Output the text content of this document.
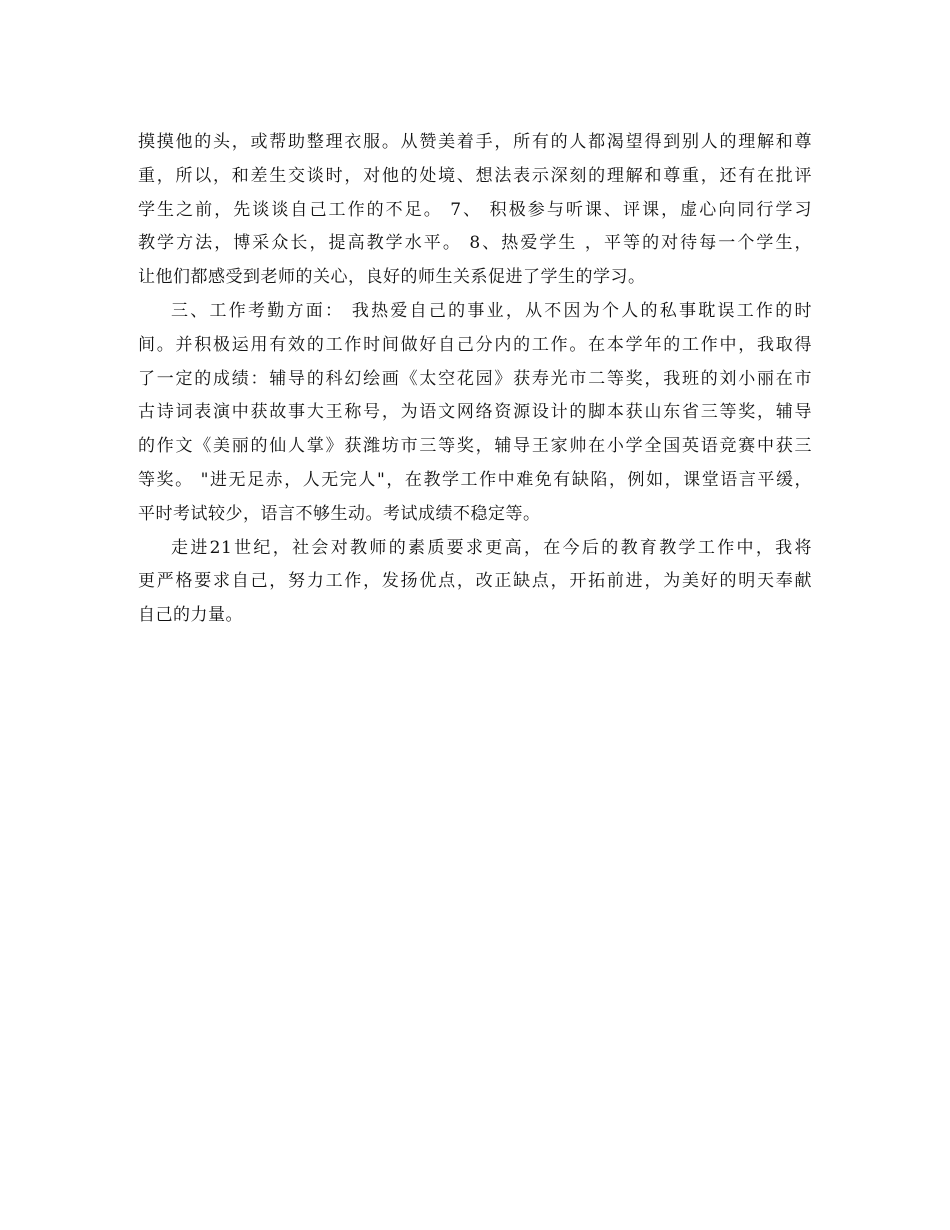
摸摸他的头，或帮助整理衣服。从赞美着手，所有的人都渴望得到别人的理解和尊
重，所以，和差生交谈时，对他的处境、想法表示深刻的理解和尊重，还有在批评
学生之前，先谈谈自己工作的不足。 7、 积极参与听课、评课，虚心向同行学习
教学方法，博采众长，提高教学水平。 8、热爱学生 ，平等的对待每一个学生，
让他们都感受到老师的关心，良好的师生关系促进了学生的学习。
三、工作考勤方面： 我热爱自己的事业，从不因为个人的私事耽误工作的时
间。并积极运用有效的工作时间做好自己分内的工作。在本学年的工作中，我取得
了一定的成绩：辅导的科幻绘画《太空花园》获寿光市二等奖，我班的刘小丽在市
古诗词表演中获故事大王称号，为语文网络资源设计的脚本获山东省三等奖，辅导
的作文《美丽的仙人掌》获潍坊市三等奖，辅导王家帅在小学全国英语竞赛中获三
等奖。 "进无足赤，人无完人"，在教学工作中难免有缺陷，例如，课堂语言平缓，
平时考试较少，语言不够生动。考试成绩不稳定等。
走进21世纪，社会对教师的素质要求更高，在今后的教育教学工作中，我将
更严格要求自己，努力工作，发扬优点，改正缺点，开拓前进，为美好的明天奉献
自己的力量。
